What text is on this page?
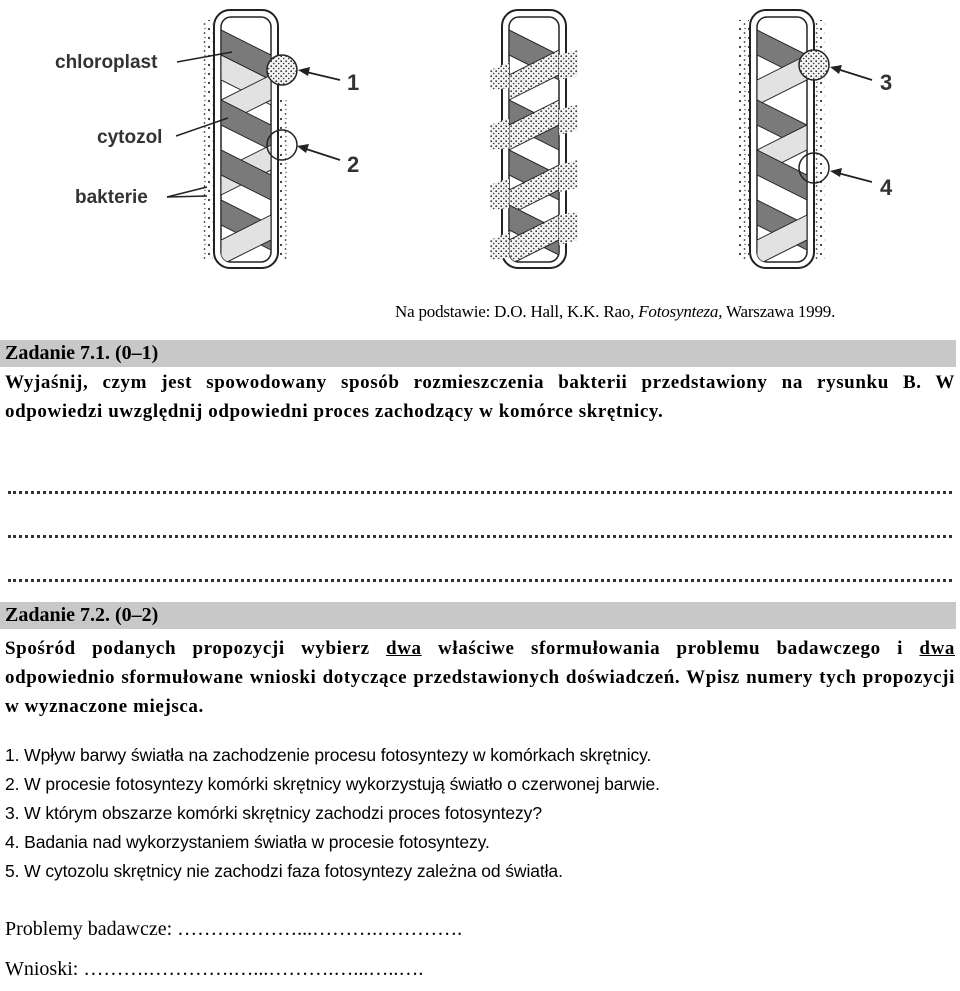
chloroplast
cytozol
bakterie
1
2
3
4
Na podstawie: D.O. Hall, K.K. Rao, Fotosynteza, Warszawa 1999.
Zadanie 7.1. (0–1)
Wyjaśnij, czym jest spowodowany sposób rozmieszczenia bakterii przedstawiony na rysunku B. W odpowiedzi uwzględnij odpowiedni proces zachodzący w komórce skrętnicy.
Zadanie 7.2. (0–2)
Spośród podanych propozycji wybierz dwa właściwe sformułowania problemu badawczego i dwa odpowiednio sformułowane wnioski dotyczące przedstawionych doświadczeń. Wpisz numery tych propozycji w wyznaczone miejsca.
1. Wpływ barwy światła na zachodzenie procesu fotosyntezy w komórkach skrętnicy.
2. W procesie fotosyntezy komórki skrętnicy wykorzystują światło o czerwonej barwie.
3. W którym obszarze komórki skrętnicy zachodzi proces fotosyntezy?
4. Badania nad wykorzystaniem światła w procesie fotosyntezy.
5. W cytozolu skrętnicy nie zachodzi faza fotosyntezy zależna od światła.
Problemy badawcze: ………………...……….………….
Wnioski: ……….………….…...……….…...…..….
